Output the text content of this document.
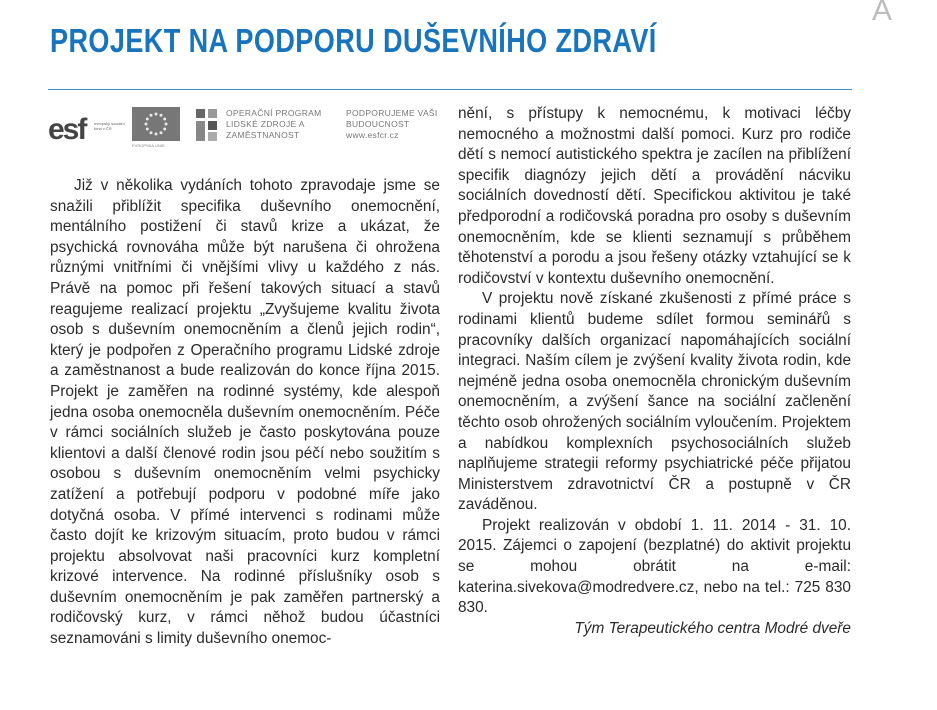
A
PROJEKT NA PODPORU DUŠEVNÍHO ZDRAVÍ
esf evropský sociální fond v ČR
EVROPSKÁ UNIE
OPERAČNÍ PROGRAM LIDSKÉ ZDROJE A ZAMĚSTNANOST
PODPORUJEME VAŠI BUDOUCNOST www.esfcr.cz

Již v několika vydáních tohoto zpravodaje jsme se snažili přiblížit specifika duševního onemocnění, mentálního postižení či stavů krize a ukázat, že psychická rovnováha může být narušena či ohrožena různými vnitřními či vnějšími vlivy u každého z nás. Právě na pomoc při řešení takových situací a stavů reagujeme realizací projektu „Zvyšujeme kvalitu života osob s duševním onemocněním a členů jejich rodin“, který je podpořen z Operačního programu Lidské zdroje a zaměstnanost a bude realizován do konce října 2015. Projekt je zaměřen na rodinné systémy, kde alespoň jedna osoba onemocněla duševním onemocněním. Péče v rámci sociálních služeb je často poskytována pouze klientovi a další členové rodin jsou péčí nebo soužitím s osobou s duševním onemocněním velmi psychicky zatížení a potřebují podporu v podobné míře jako dotyčná osoba. V přímé intervenci s rodinami může často dojít ke krizovým situacím, proto budou v rámci projektu absolvovat naši pracovníci kurz kompletní krizové intervence. Na rodinné příslušníky osob s duševním onemocněním je pak zaměřen partnerský a rodičovský kurz, v rámci něhož budou účastníci seznamováni s limity duševního onemoc-

nění, s přístupy k nemocnému, k motivaci léčby nemocného a možnostmi další pomoci. Kurz pro rodiče dětí s nemocí autistického spektra je zacílen na přiblížení specifik diagnózy jejich dětí a provádění nácviku sociálních dovedností dětí. Specifickou aktivitou je také předporodní a rodičovská poradna pro osoby s duševním onemocněním, kde se klienti seznamují s průběhem těhotenství a porodu a jsou řešeny otázky vztahující se k rodičovství v kontextu duševního onemocnění.

V projektu nově získané zkušenosti z přímé práce s rodinami klientů budeme sdílet formou seminářů s pracovníky dalších organizací napomáhajících sociální integraci. Naším cílem je zvýšení kvality života rodin, kde nejméně jedna osoba onemocněla chronickým duševním onemocněním, a zvýšení šance na sociální začlenění těchto osob ohrožených sociálním vyloučením. Projektem a nabídkou komplexních psychosociálních služeb naplňujeme strategii reformy psychiatrické péče přijatou Ministerstvem zdravotnictví ČR a postupně v ČR zaváděnou.

Projekt realizován v období 1. 11. 2014 - 31. 10. 2015. Zájemci o zapojení (bezplatné) do aktivit projektu se mohou obrátit na e-mail: katerina.sivekova@modredvere.cz, nebo na tel.: 725 830 830.

Tým Terapeutického centra Modré dveře
